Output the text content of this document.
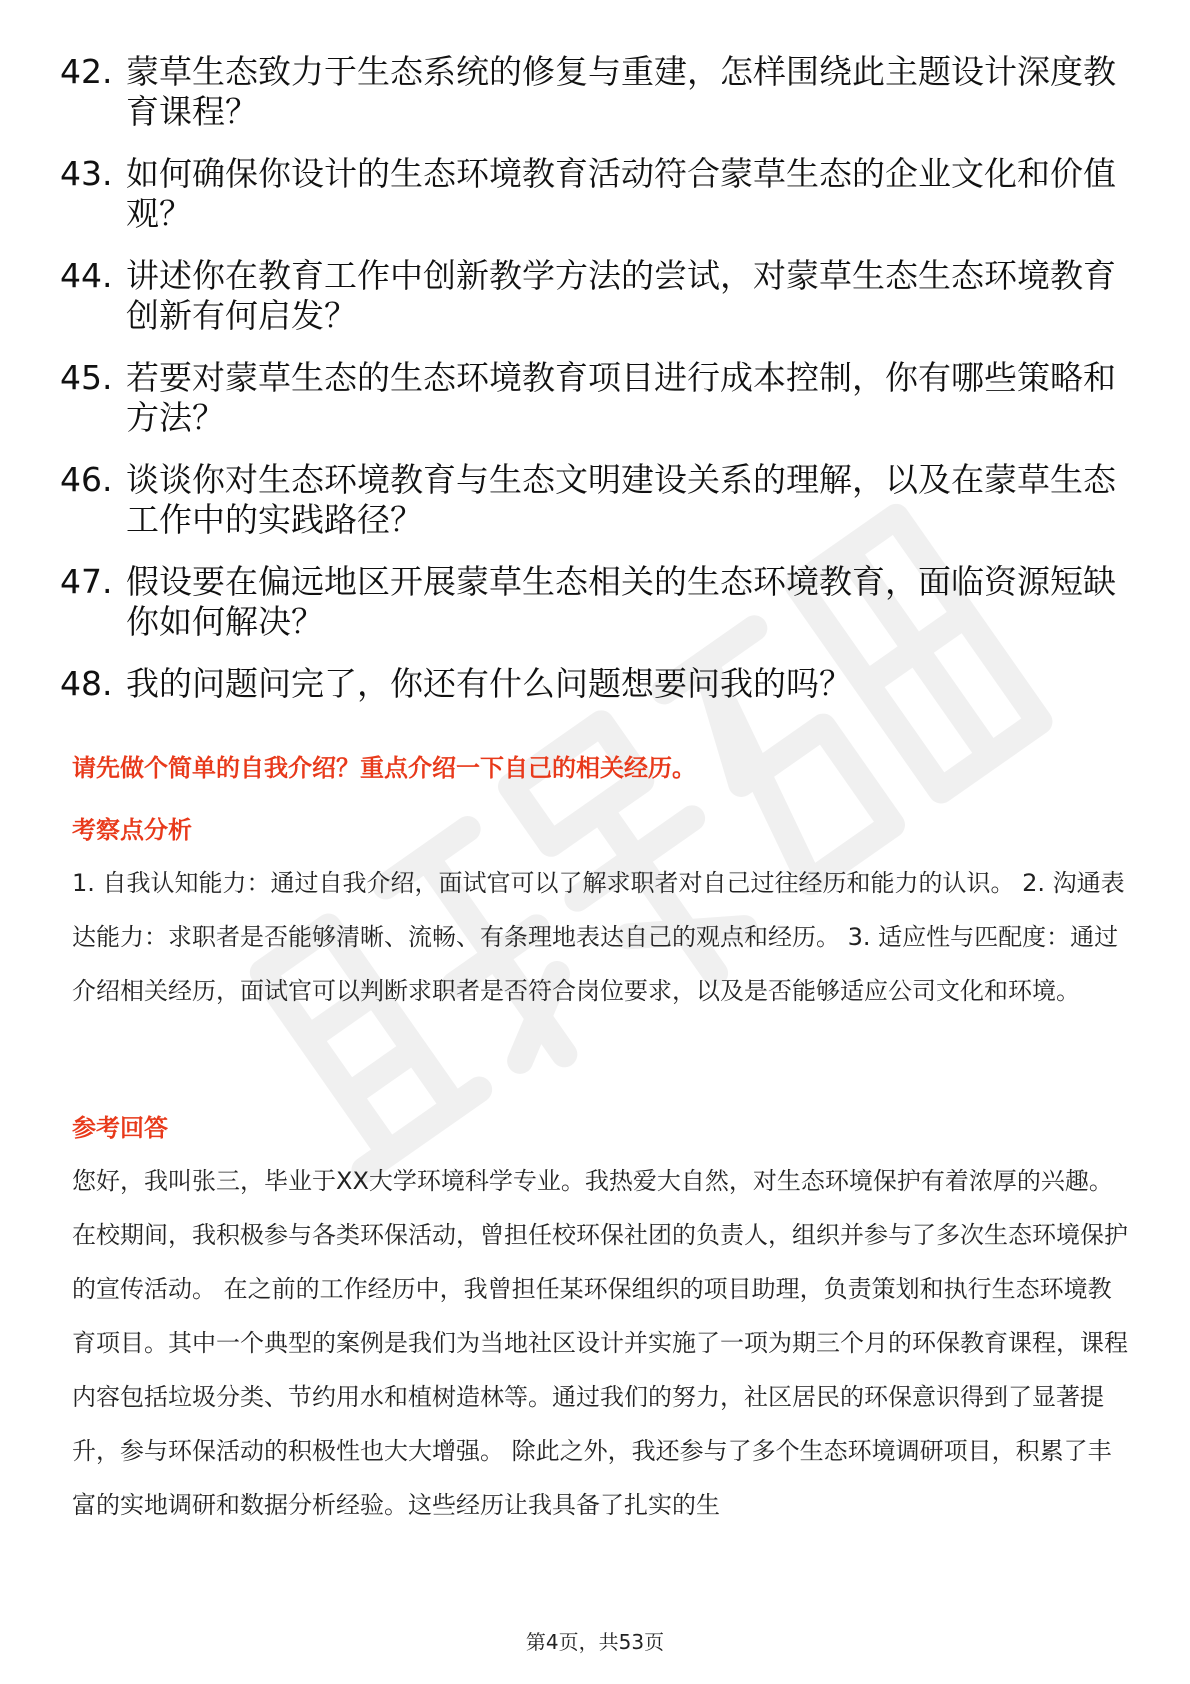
42. 蒙草生态致力于生态系统的修复与重建，怎样围绕此主题设计深度教育课程？
43. 如何确保你设计的生态环境教育活动符合蒙草生态的企业文化和价值观？
44. 讲述你在教育工作中创新教学方法的尝试，对蒙草生态生态环境教育创新有何启发？
45. 若要对蒙草生态的生态环境教育项目进行成本控制，你有哪些策略和方法？
46. 谈谈你对生态环境教育与生态文明建设关系的理解，以及在蒙草生态工作中的实践路径？
47. 假设要在偏远地区开展蒙草生态相关的生态环境教育，面临资源短缺你如何解决？
48. 我的问题问完了，你还有什么问题想要问我的吗？

请先做个简单的自我介绍？重点介绍一下自己的相关经历。

考察点分析

1. 自我认知能力：通过自我介绍，面试官可以了解求职者对自己过往经历和能力的认识。 2. 沟通表达能力：求职者是否能够清晰、流畅、有条理地表达自己的观点和经历。 3. 适应性与匹配度：通过介绍相关经历，面试官可以判断求职者是否符合岗位要求，以及是否能够适应公司文化和环境。

参考回答

您好，我叫张三，毕业于XX大学环境科学专业。我热爱大自然，对生态环境保护有着浓厚的兴趣。在校期间，我积极参与各类环保活动，曾担任校环保社团的负责人，组织并参与了多次生态环境保护的宣传活动。 在之前的工作经历中，我曾担任某环保组织的项目助理，负责策划和执行生态环境教育项目。其中一个典型的案例是我们为当地社区设计并实施了一项为期三个月的环保教育课程，课程内容包括垃圾分类、节约用水和植树造林等。通过我们的努力，社区居民的环保意识得到了显著提升，参与环保活动的积极性也大大增强。 除此之外，我还参与了多个生态环境调研项目，积累了丰富的实地调研和数据分析经验。这些经历让我具备了扎实的生

第4页，共53页
